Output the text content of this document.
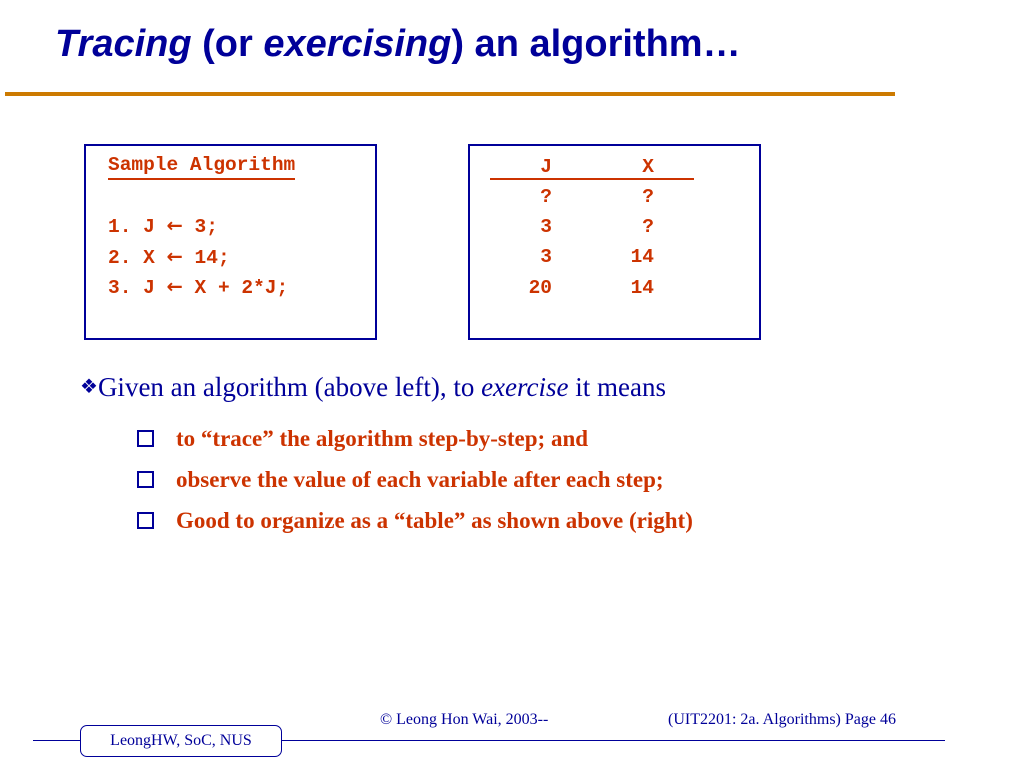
Tracing (or exercising) an algorithm…
Sample Algorithm
1. J ← 3;
2. X ← 14;
3. J ← X + 2*J;
J	X
?	?
3	?
3	14
20	14
❖Given an algorithm (above left), to exercise it means
to “trace” the algorithm step-by-step; and
observe the value of each variable after each step;
Good to organize as a “table” as shown above (right)
LeongHW, SoC, NUS
© Leong Hon Wai, 2003--	(UIT2201: 2a. Algorithms) Page 46
